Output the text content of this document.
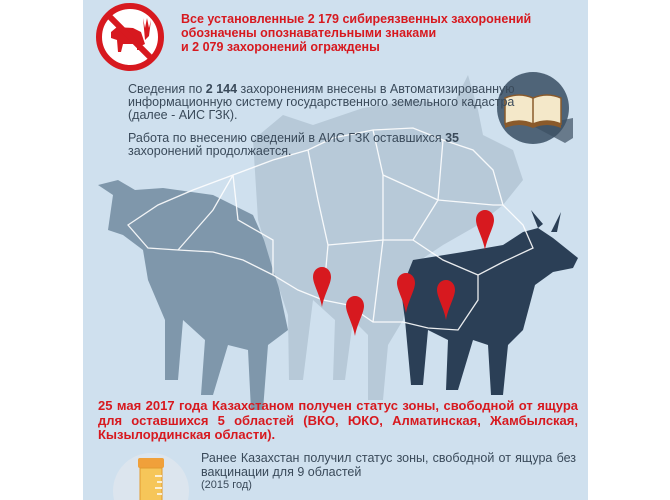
Все установленные 2 179 сибиреязвенных захоронений
обозначены опознавательными знаками
и 2 079 захоронений ограждены

Сведения по 2 144 захоронениям внесены в Автоматизированную информационную систему государственного земельного кадастра (далее - АИС ГЗК).

Работа по внесению сведений в АИС ГЗК оставшихся 35 захоронений продолжается.

25 мая 2017 года Казахстаном получен статус зоны, свободной от ящура для оставшихся 5 областей (ВКО, ЮКО, Алматинская, Жамбылская, Кызылординская области).

Ранее Казахстан получил статус зоны, свободной от ящура без вакцинации для 9 областей
(2015 год)
